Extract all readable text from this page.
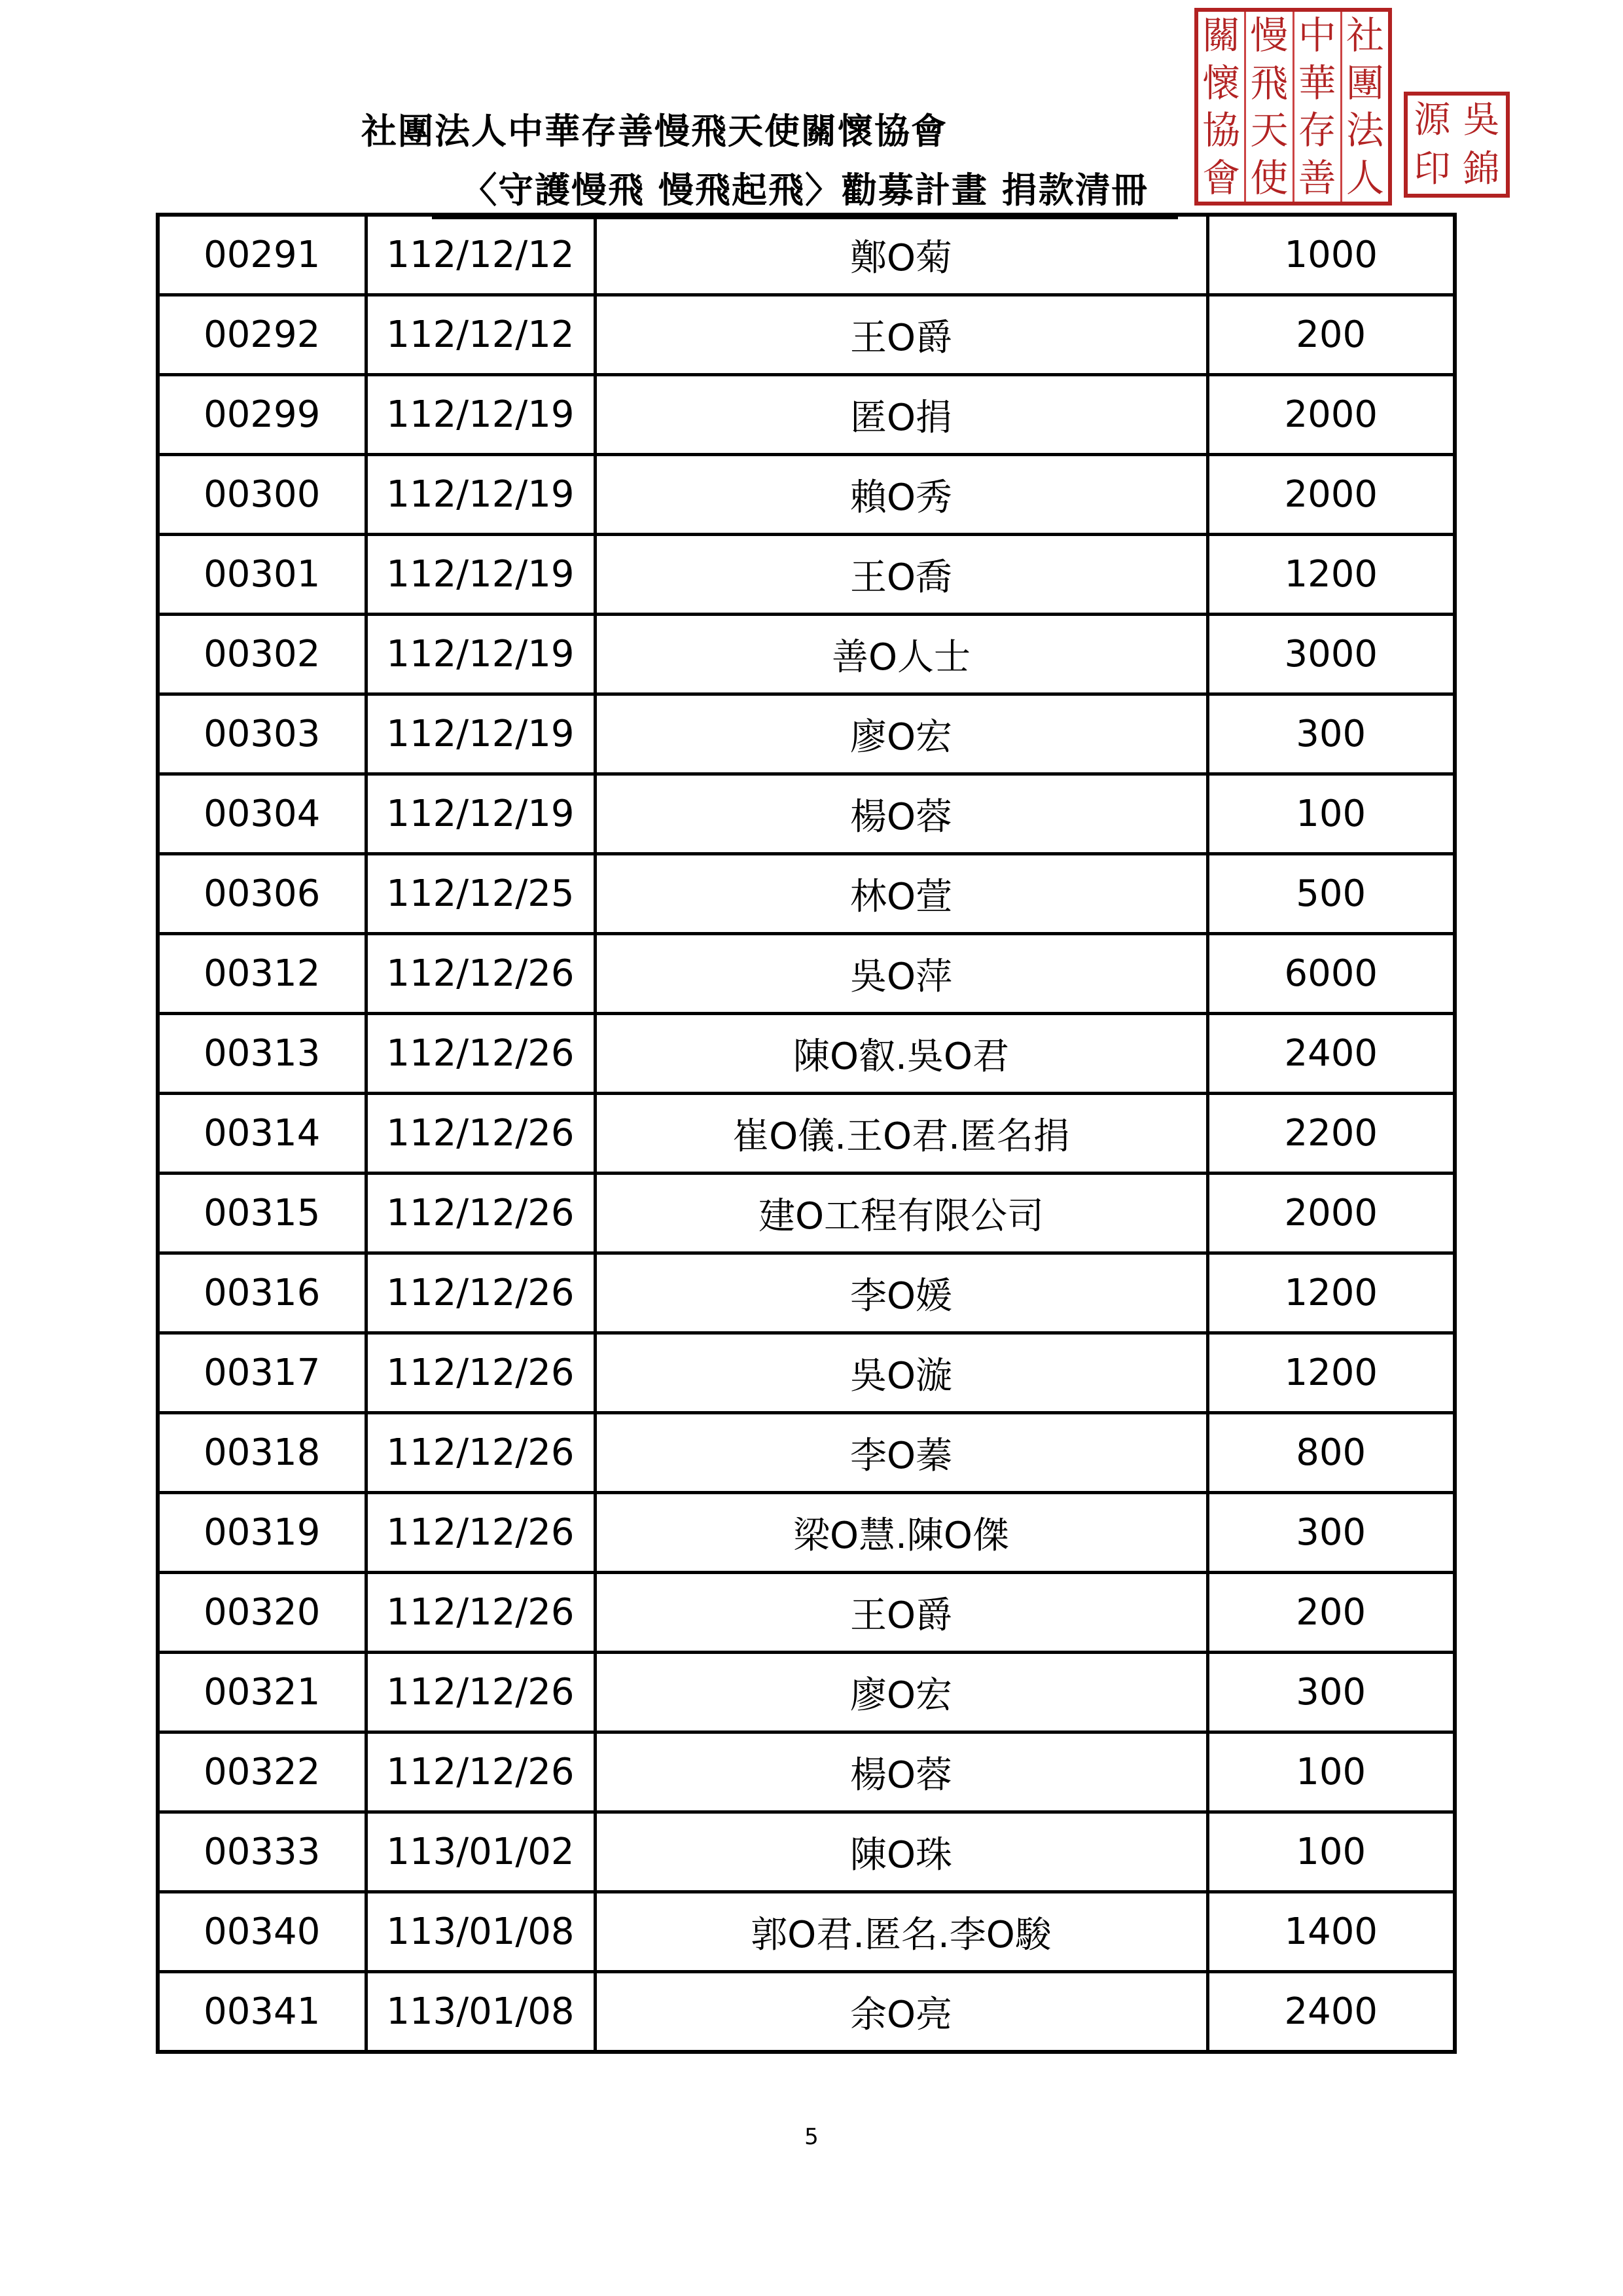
社團法人中華存善慢飛天使關懷協會
〈守護慢飛 慢飛起飛〉勸募計畫 捐款清冊
社
團
法
人
中
華
存
善
慢
飛
天
使
關
懷
協
會
吳
錦
源
印
00291	112/12/12	鄭O菊	1000
00292	112/12/12	王O爵	200
00299	112/12/19	匿O捐	2000
00300	112/12/19	賴O秀	2000
00301	112/12/19	王O喬	1200
00302	112/12/19	善O人士	3000
00303	112/12/19	廖O宏	300
00304	112/12/19	楊O蓉	100
00306	112/12/25	林O萱	500
00312	112/12/26	吳O萍	6000
00313	112/12/26	陳O叡.吳O君	2400
00314	112/12/26	崔O儀.王O君.匿名捐	2200
00315	112/12/26	建O工程有限公司	2000
00316	112/12/26	李O媛	1200
00317	112/12/26	吳O漩	1200
00318	112/12/26	李O蓁	800
00319	112/12/26	梁O慧.陳O傑	300
00320	112/12/26	王O爵	200
00321	112/12/26	廖O宏	300
00322	112/12/26	楊O蓉	100
00333	113/01/02	陳O珠	100
00340	113/01/08	郭O君.匿名.李O駿	1400
00341	113/01/08	余O亮	2400
5
